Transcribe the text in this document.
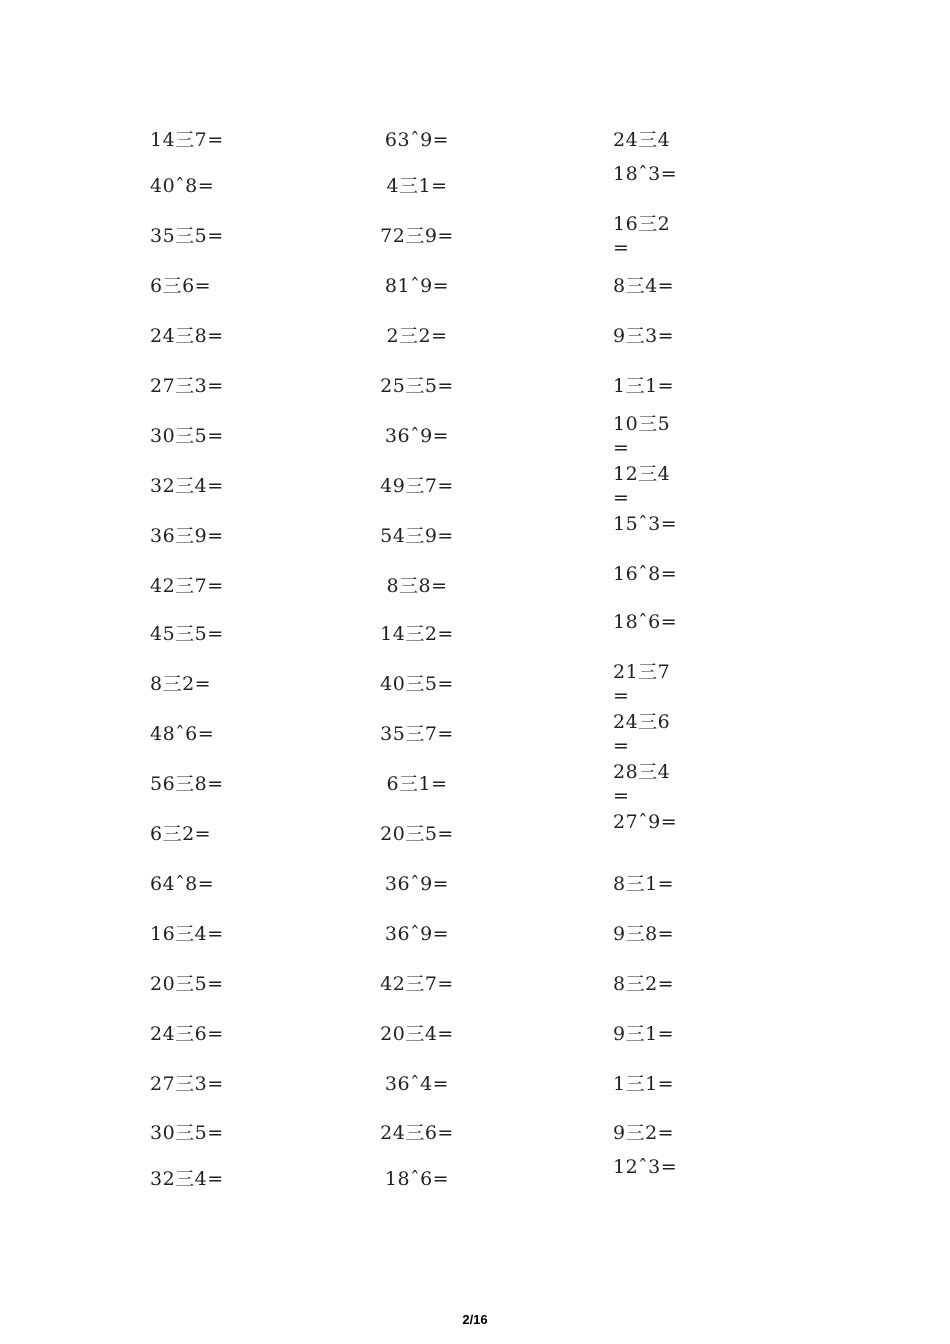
14三7=
40ˆ8=
35三5=
6三6=
24三8=
27三3=
30三5=
32三4=
36三9=
42三7=
45三5=
8三2=
48ˆ6=
56三8=
6三2=
64ˆ8=
16三4=
20三5=
24三6=
27三3=
30三5=
32三4=
63ˆ9=
4三1=
72三9=
81ˆ9=
2三2=
25三5=
36ˆ9=
49三7=
54三9=
8三8=
14三2=
40三5=
35三7=
6三1=
20三5=
36ˆ9=
36ˆ9=
42三7=
20三4=
36ˆ4=
24三6=
18ˆ6=
24三4
18ˆ3=
16三2=
8三4=
9三3=
1三1=
10三5=
12三4=
15ˆ3=
16ˆ8=
18ˆ6=
21三7=
24三6=
28三4=
27ˆ9=
8三1=
9三8=
8三2=
9三1=
1三1=
9三2=
12ˆ3=
2/16
